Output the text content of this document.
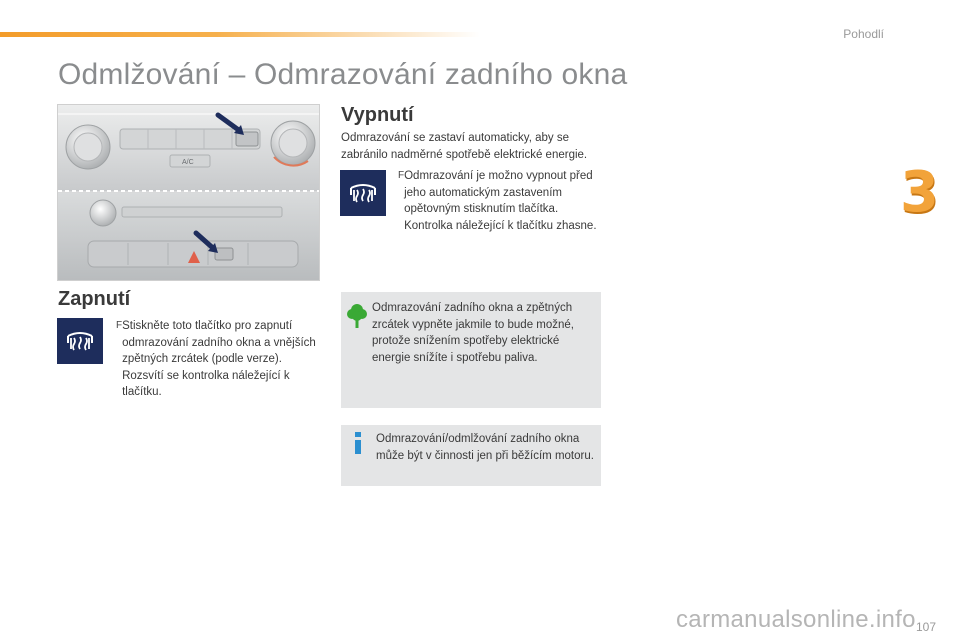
Pohodlí
3
Odmlžování – Odmrazování zadního okna
A/C
Zapnutí
F Stiskněte toto tlačítko pro zapnutí odmrazování zadního okna a vnějších zpětných zrcátek (podle verze). Rozsvítí se kontrolka náležející k tlačítku.
Vypnutí
Odmrazování se zastaví automaticky, aby se zabránilo nadměrné spotřebě elektrické energie.
F Odmrazování je možno vypnout před jeho automatickým zastavením opětovným stisknutím tlačítka. Kontrolka náležející k tlačítku zhasne.
Odmrazování zadního okna a zpětných zrcátek vypněte jakmile to bude možné, protože snížením spotřeby elektrické energie snížíte i spotřebu paliva.
Odmrazování/odmlžování zadního okna může být v činnosti jen při běžícím motoru.
107
carmanualsonline.info
